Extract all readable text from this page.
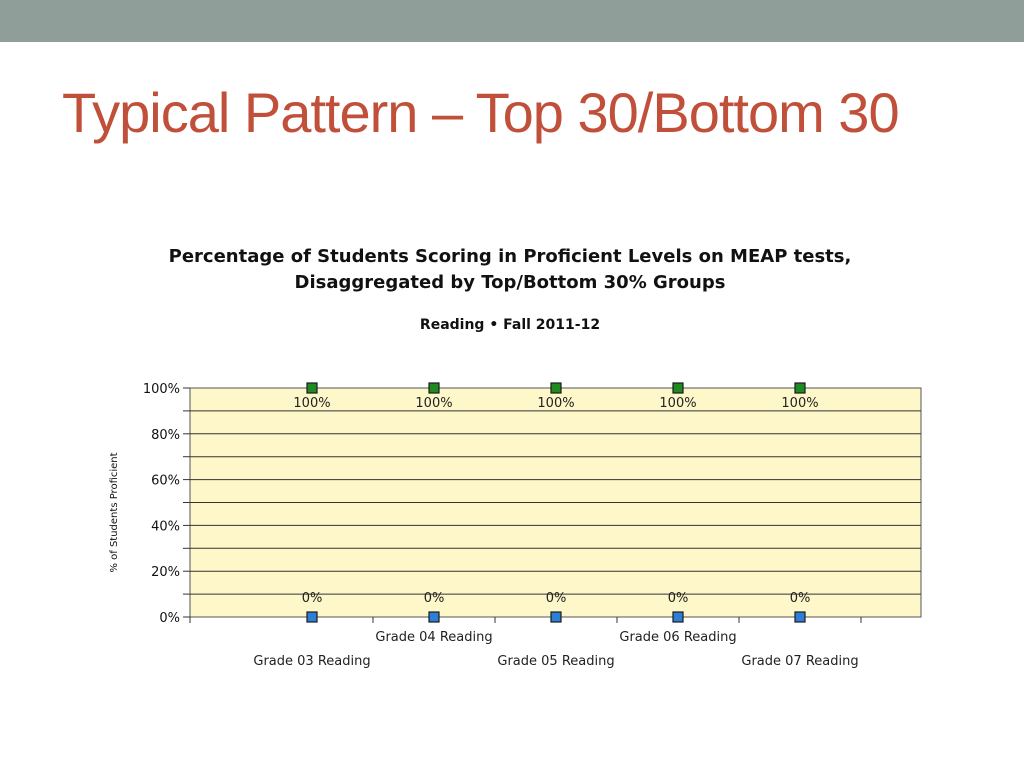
Typical Pattern – Top 30/Bottom 30
Percentage of Students Scoring in Proficient Levels on MEAP tests,
Disaggregated by Top/Bottom 30% Groups
Reading • Fall 2011-12
0%
20%
40%
60%
80%
100%
% of Students Proficient
Grade 03 Reading
Grade 04 Reading
Grade 05 Reading
Grade 06 Reading
Grade 07 Reading
100%	100%	100%	100%	100%
0%	0%	0%	0%	0%
